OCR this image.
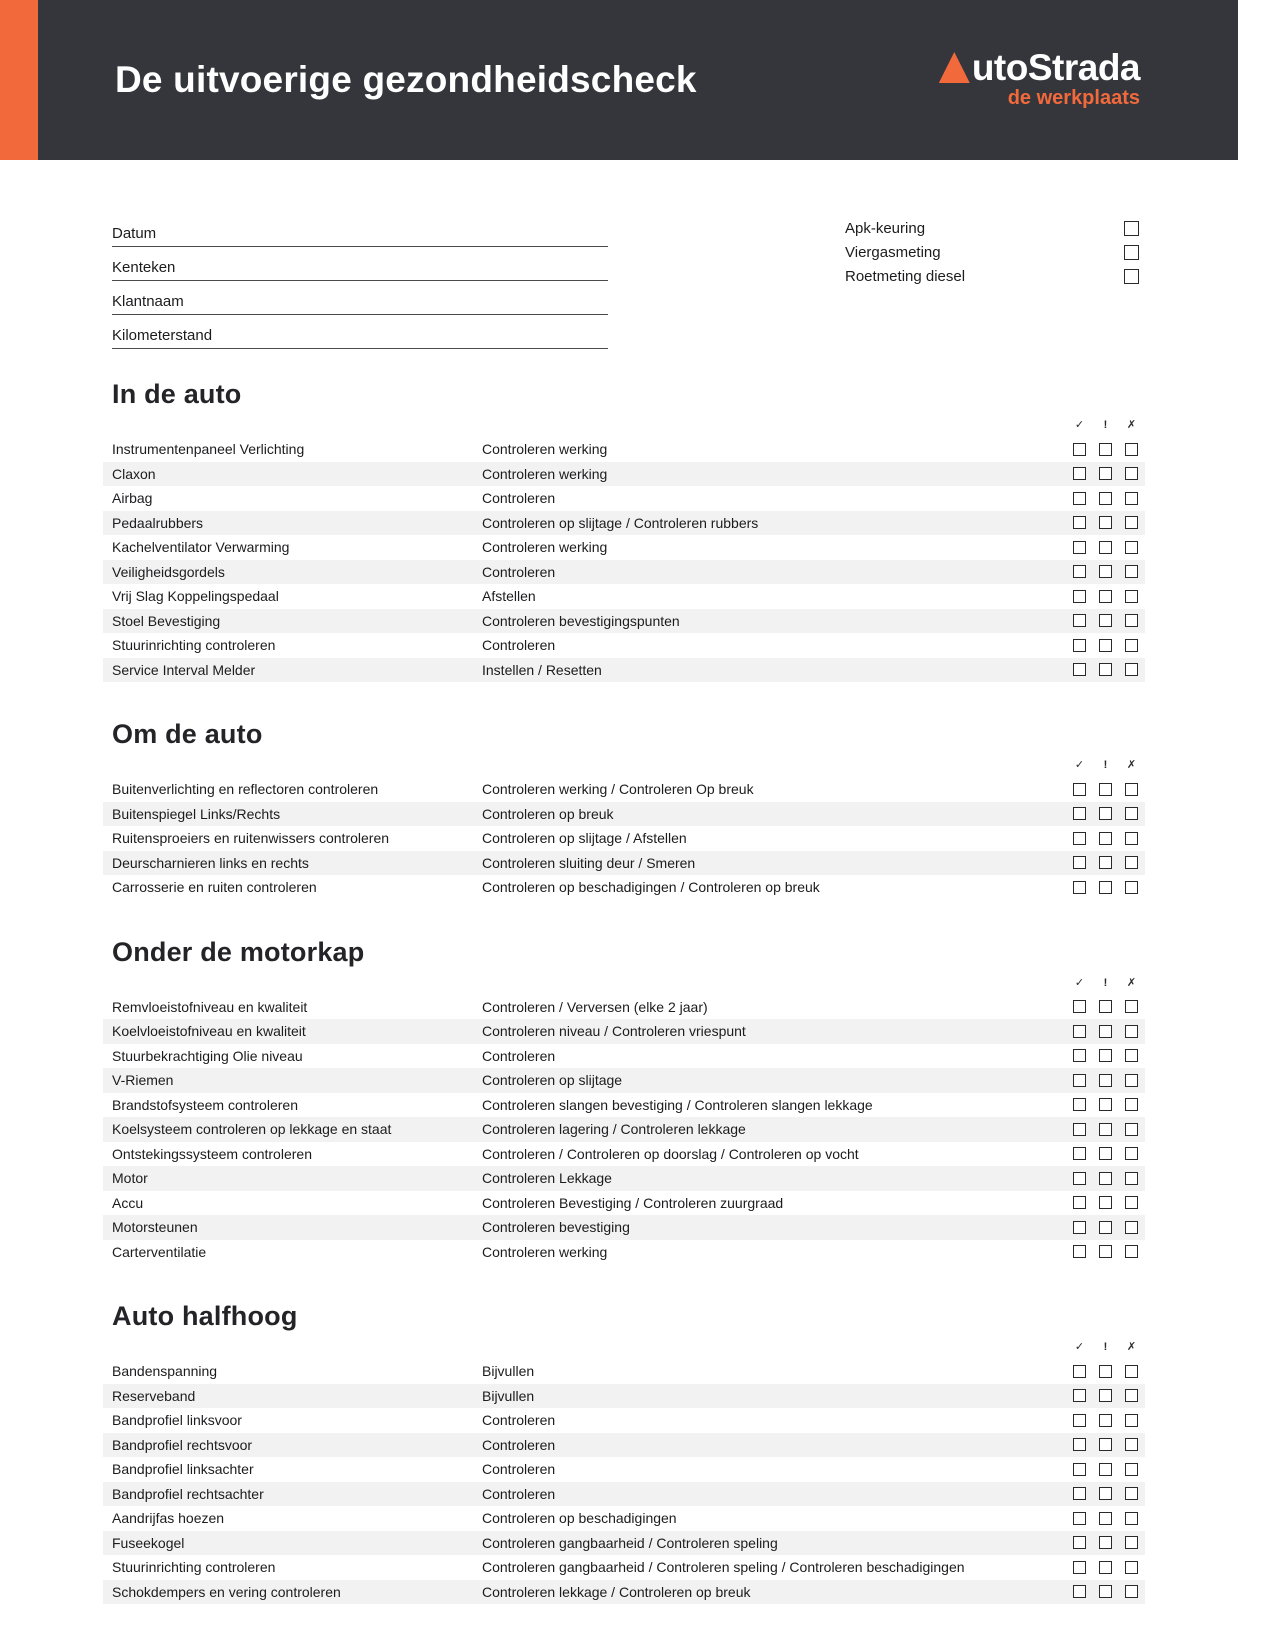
De uitvoerige gezondheidscheck	utoStrada
de werkplaats
Datum
Kenteken
Klantnaam
Kilometerstand
Apk-keuring
Viergasmeting
Roetmeting diesel
In de auto
✓	!	✗
Instrumentenpaneel Verlichting	Controleren werking
Claxon	Controleren werking
Airbag	Controleren
Pedaalrubbers	Controleren op slijtage / Controleren rubbers
Kachelventilator Verwarming	Controleren werking
Veiligheidsgordels	Controleren
Vrij Slag Koppelingspedaal	Afstellen
Stoel Bevestiging	Controleren bevestigingspunten
Stuurinrichting controleren	Controleren
Service Interval Melder	Instellen / Resetten
Om de auto
✓	!	✗
Buitenverlichting en reflectoren controleren	Controleren werking / Controleren Op breuk
Buitenspiegel Links/Rechts	Controleren op breuk
Ruitensproeiers en ruitenwissers controleren	Controleren op slijtage / Afstellen
Deurscharnieren links en rechts	Controleren sluiting deur / Smeren
Carrosserie en ruiten controleren	Controleren op beschadigingen / Controleren op breuk
Onder de motorkap
✓	!	✗
Remvloeistofniveau en kwaliteit	Controleren / Verversen (elke 2 jaar)
Koelvloeistofniveau en kwaliteit	Controleren niveau / Controleren vriespunt
Stuurbekrachtiging Olie niveau	Controleren
V-Riemen	Controleren op slijtage
Brandstofsysteem controleren	Controleren slangen bevestiging / Controleren slangen lekkage
Koelsysteem controleren op lekkage en staat	Controleren lagering / Controleren lekkage
Ontstekingssysteem controleren	Controleren / Controleren op doorslag / Controleren op vocht
Motor	Controleren Lekkage
Accu	Controleren Bevestiging / Controleren zuurgraad
Motorsteunen	Controleren bevestiging
Carterventilatie	Controleren werking
Auto halfhoog
✓	!	✗
Bandenspanning	Bijvullen
Reserveband	Bijvullen
Bandprofiel linksvoor	Controleren
Bandprofiel rechtsvoor	Controleren
Bandprofiel linksachter	Controleren
Bandprofiel rechtsachter	Controleren
Aandrijfas hoezen	Controleren op beschadigingen
Fuseekogel	Controleren gangbaarheid / Controleren speling
Stuurinrichting controleren	Controleren gangbaarheid / Controleren speling / Controleren beschadigingen
Schokdempers en vering controleren	Controleren lekkage / Controleren op breuk
